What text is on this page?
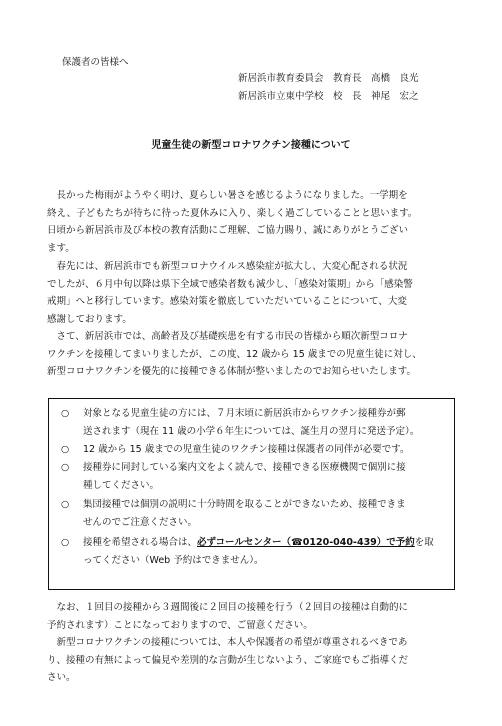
保護者の皆様へ
新居浜市教育委員会　教育長　高橋　良光
新居浜市立東中学校　校　長　神尾　宏之
児童生徒の新型コロナワクチン接種について
　長かった梅雨がようやく明け、夏らしい暑さを感じるようになりました。一学期を
終え、子どもたちが待ちに待った夏休みに入り、楽しく過ごしていることと思います。
日頃から新居浜市及び本校の教育活動にご理解、ご協力賜り、誠にありがとうござい
ます。
　春先には、新居浜市でも新型コロナウイルス感染症が拡大し、大変心配される状況
でしたが、６月中旬以降は県下全域で感染者数も減少し、「感染対策期」から「感染警
戒期」へと移行しています。感染対策を徹底していただいていることについて、大変
感謝しております。
　さて、新居浜市では、高齢者及び基礎疾患を有する市民の皆様から順次新型コロナ
ワクチンを接種してまいりましたが、この度、12 歳から 15 歳までの児童生徒に対し、
新型コロナワクチンを優先的に接種できる体制が整いましたのでお知らせいたします。
○ 対象となる児童生徒の方には、７月末頃に新居浜市からワクチン接種券が郵
送されます（現在 11 歳の小学６年生については、誕生月の翌月に発送予定）。
○ 12 歳から 15 歳までの児童生徒のワクチン接種は保護者の同伴が必要です。
○ 接種券に同封している案内文をよく読んで、接種できる医療機関で個別に接
種してください。
○ 集団接種では個別の説明に十分時間を取ることができないため、接種できま
せんのでご注意ください。
○ 接種を希望される場合は、必ずコールセンター（☎0120-040-439）で予約を取
ってください（Web 予約はできません）。
　なお、１回目の接種から３週間後に２回目の接種を行う（２回目の接種は自動的に
予約されます）ことになっておりますので、ご留意ください。
　新型コロナワクチンの接種については、本人や保護者の希望が尊重されるべきであ
り、接種の有無によって偏見や差別的な言動が生じないよう、ご家庭でもご指導くだ
さい。
